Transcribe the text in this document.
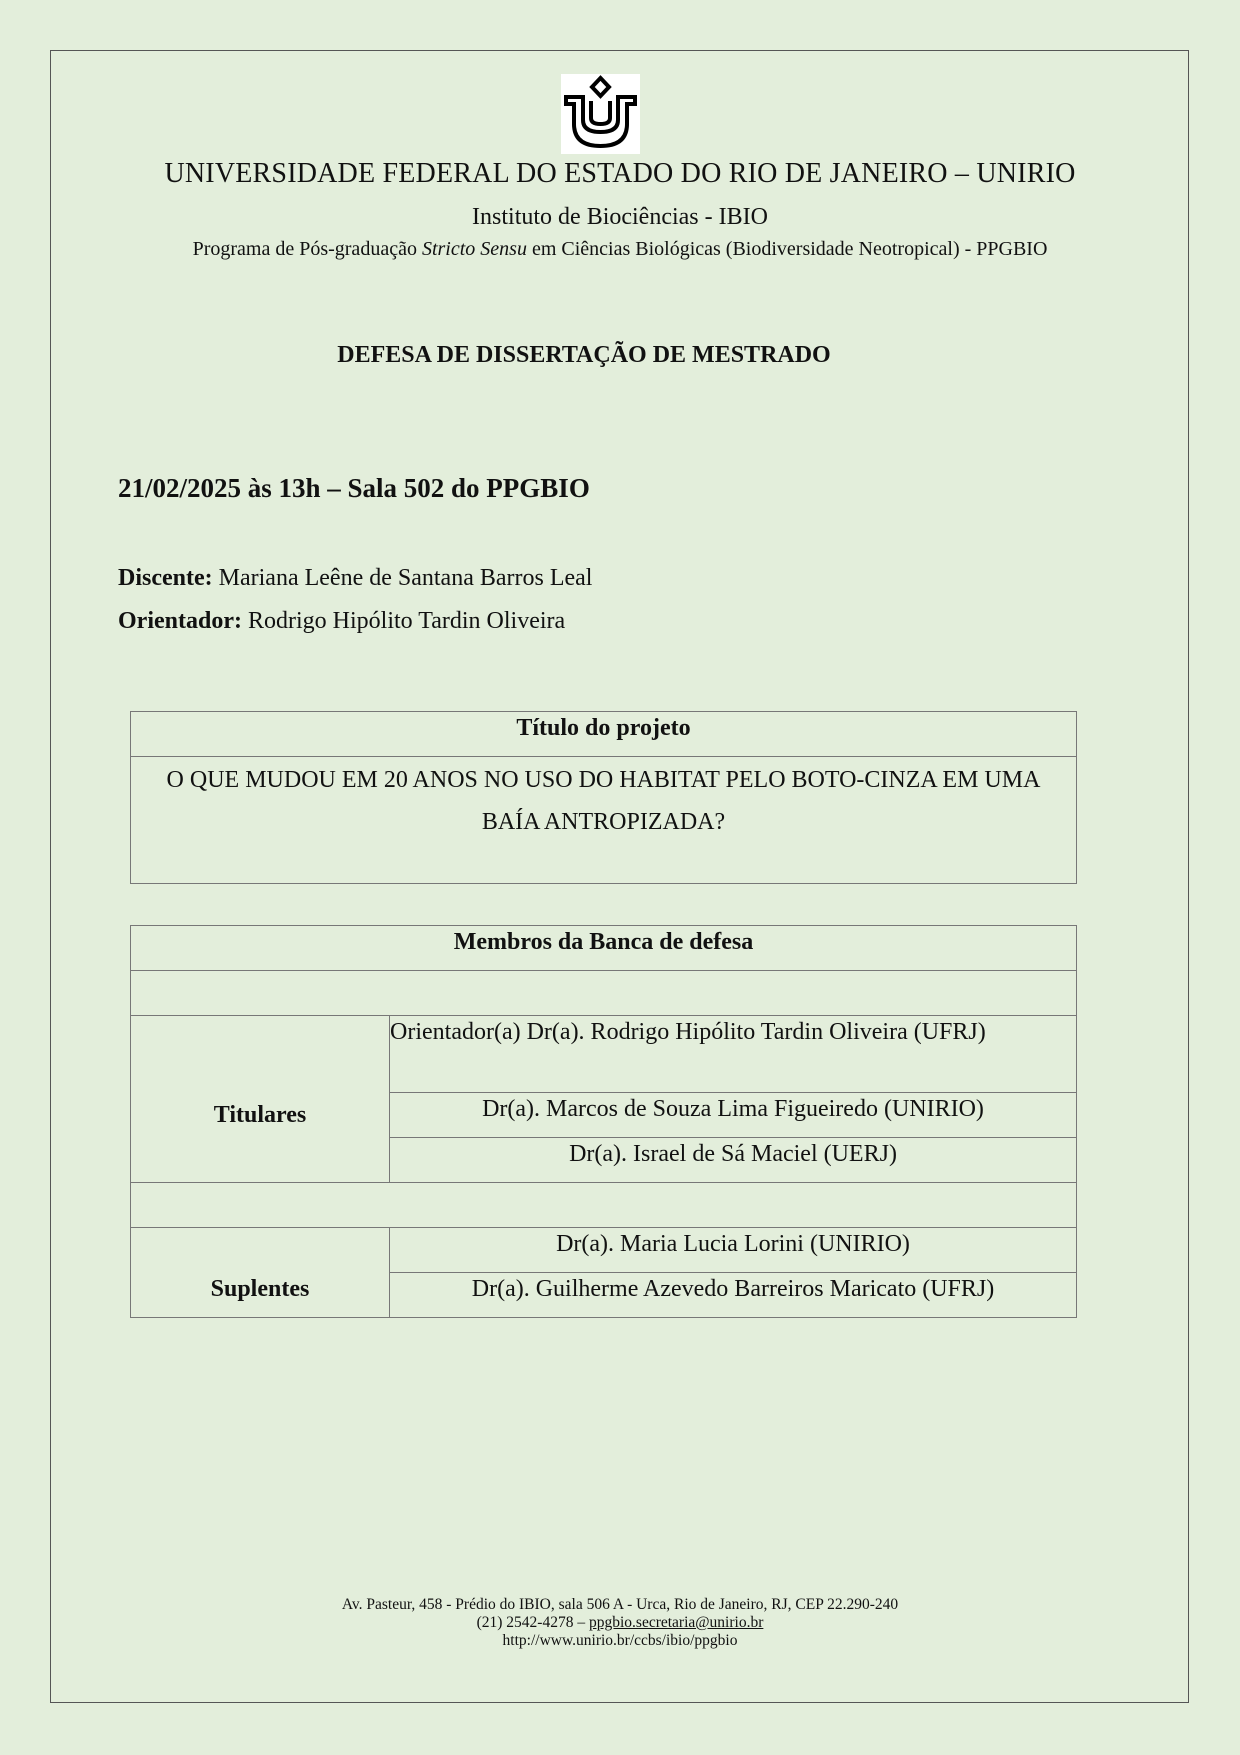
UNIVERSIDADE FEDERAL DO ESTADO DO RIO DE JANEIRO – UNIRIO
Instituto de Biociências - IBIO
Programa de Pós-graduação Stricto Sensu em Ciências Biológicas (Biodiversidade Neotropical) - PPGBIO
DEFESA DE DISSERTAÇÃO DE MESTRADO
21/02/2025 às 13h – Sala 502 do PPGBIO
Discente: Mariana Leêne de Santana Barros Leal
Orientador: Rodrigo Hipólito Tardin Oliveira
Título do projeto
O QUE MUDOU EM 20 ANOS NO USO DO HABITAT PELO BOTO-CINZA EM UMA
BAÍA ANTROPIZADA?
Membros da Banca de defesa	

Titulares	Orientador(a) Dr(a). Rodrigo Hipólito Tardin Oliveira (UFRJ)
	Dr(a). Marcos de Souza Lima Figueiredo (UNIRIO)
	Dr(a). Israel de Sá Maciel (UERJ)

Suplentes	Dr(a). Maria Lucia Lorini (UNIRIO)
	Dr(a). Guilherme Azevedo Barreiros Maricato (UFRJ)
Av. Pasteur, 458 - Prédio do IBIO, sala 506 A - Urca, Rio de Janeiro, RJ, CEP 22.290-240
(21) 2542-4278 – ppgbio.secretaria@unirio.br
http://www.unirio.br/ccbs/ibio/ppgbio
